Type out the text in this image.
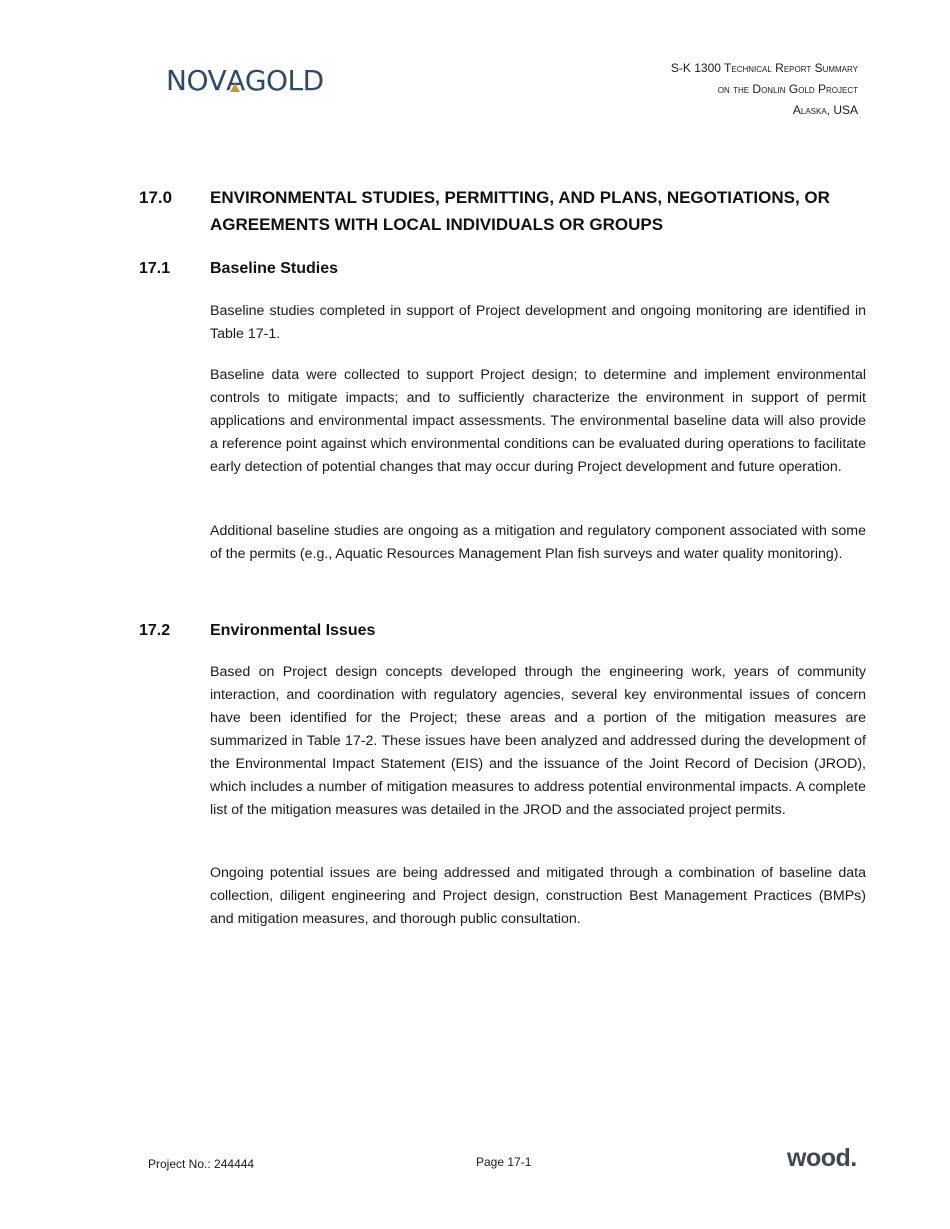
NOVA
GOLD	S-K 1300 Technical Report Summary
on the Donlin Gold Project
Alaska, USA
17.0	ENVIRONMENTAL STUDIES, PERMITTING, AND PLANS, NEGOTIATIONS, OR AGREEMENTS WITH LOCAL INDIVIDUALS OR GROUPS
17.1	Baseline Studies

Baseline studies completed in support of Project development and ongoing monitoring are identified in Table 17-1.

Baseline data were collected to support Project design; to determine and implement environmental controls to mitigate impacts; and to sufficiently characterize the environment in support of permit applications and environmental impact assessments. The environmental baseline data will also provide a reference point against which environmental conditions can be evaluated during operations to facilitate early detection of potential changes that may occur during Project development and future operation.

Additional baseline studies are ongoing as a mitigation and regulatory component associated with some of the permits (e.g., Aquatic Resources Management Plan fish surveys and water quality monitoring).

17.2	Environmental Issues

Based on Project design concepts developed through the engineering work, years of community interaction, and coordination with regulatory agencies, several key environmental issues of concern have been identified for the Project; these areas and a portion of the mitigation measures are summarized in Table 17-2. These issues have been analyzed and addressed during the development of the Environmental Impact Statement (EIS) and the issuance of the Joint Record of Decision (JROD), which includes a number of mitigation measures to address potential environmental impacts. A complete list of the mitigation measures was detailed in the JROD and the associated project permits.

Ongoing potential issues are being addressed and mitigated through a combination of baseline data collection, diligent engineering and Project design, construction Best Management Practices (BMPs) and mitigation measures, and thorough public consultation.

Project No.: 244444	Page 17-1	wood.
